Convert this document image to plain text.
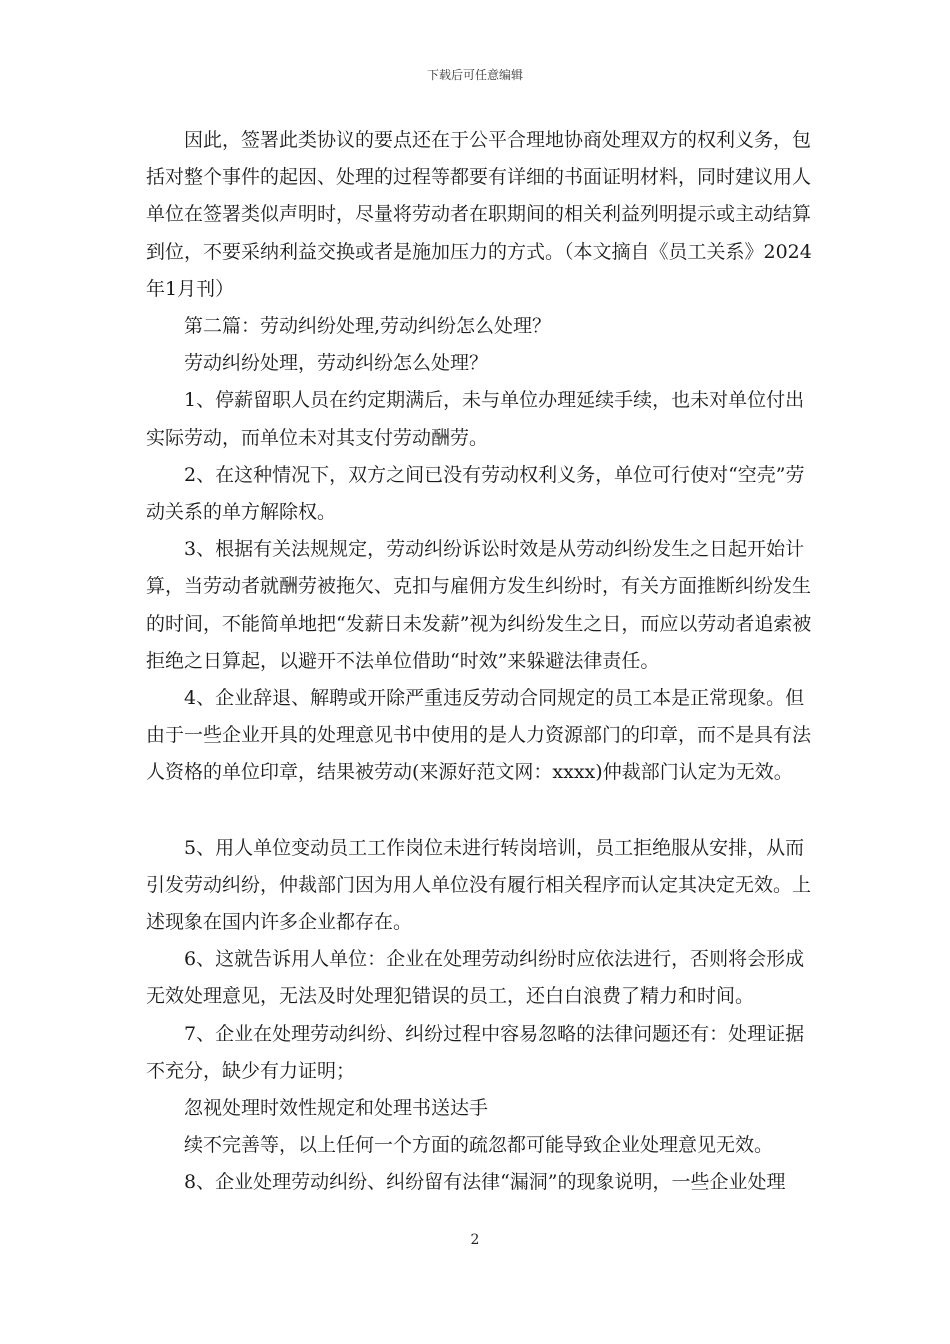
下载后可任意编辑

因此，签署此类协议的要点还在于公平合理地协商处理双方的权利义务，包括对整个事件的起因、处理的过程等都要有详细的书面证明材料，同时建议用人单位在签署类似声明时，尽量将劳动者在职期间的相关利益列明提示或主动结算到位，不要采纳利益交换或者是施加压力的方式。（本文摘自《员工关系》2024年1月刊）

第二篇：劳动纠纷处理,劳动纠纷怎么处理？

劳动纠纷处理，劳动纠纷怎么处理？

1、停薪留职人员在约定期满后，未与单位办理延续手续，也未对单位付出实际劳动，而单位未对其支付劳动酬劳。

2、在这种情况下，双方之间已没有劳动权利义务，单位可行使对“空壳”劳动关系的单方解除权。

3、根据有关法规规定，劳动纠纷诉讼时效是从劳动纠纷发生之日起开始计算，当劳动者就酬劳被拖欠、克扣与雇佣方发生纠纷时，有关方面推断纠纷发生的时间，不能简单地把“发薪日未发薪”视为纠纷发生之日，而应以劳动者追索被拒绝之日算起，以避开不法单位借助“时效”来躲避法律责任。

4、企业辞退、解聘或开除严重违反劳动合同规定的员工本是正常现象。但由于一些企业开具的处理意见书中使用的是人力资源部门的印章，而不是具有法人资格的单位印章，结果被劳动(来源好范文网：xxxx)仲裁部门认定为无效。

5、用人单位变动员工工作岗位未进行转岗培训，员工拒绝服从安排，从而引发劳动纠纷，仲裁部门因为用人单位没有履行相关程序而认定其决定无效。上述现象在国内许多企业都存在。

6、这就告诉用人单位：企业在处理劳动纠纷时应依法进行，否则将会形成无效处理意见，无法及时处理犯错误的员工，还白白浪费了精力和时间。

7、企业在处理劳动纠纷、纠纷过程中容易忽略的法律问题还有：处理证据不充分，缺少有力证明；

忽视处理时效性规定和处理书送达手

续不完善等，以上任何一个方面的疏忽都可能导致企业处理意见无效。

8、企业处理劳动纠纷、纠纷留有法律“漏洞”的现象说明，一些企业处理

2
